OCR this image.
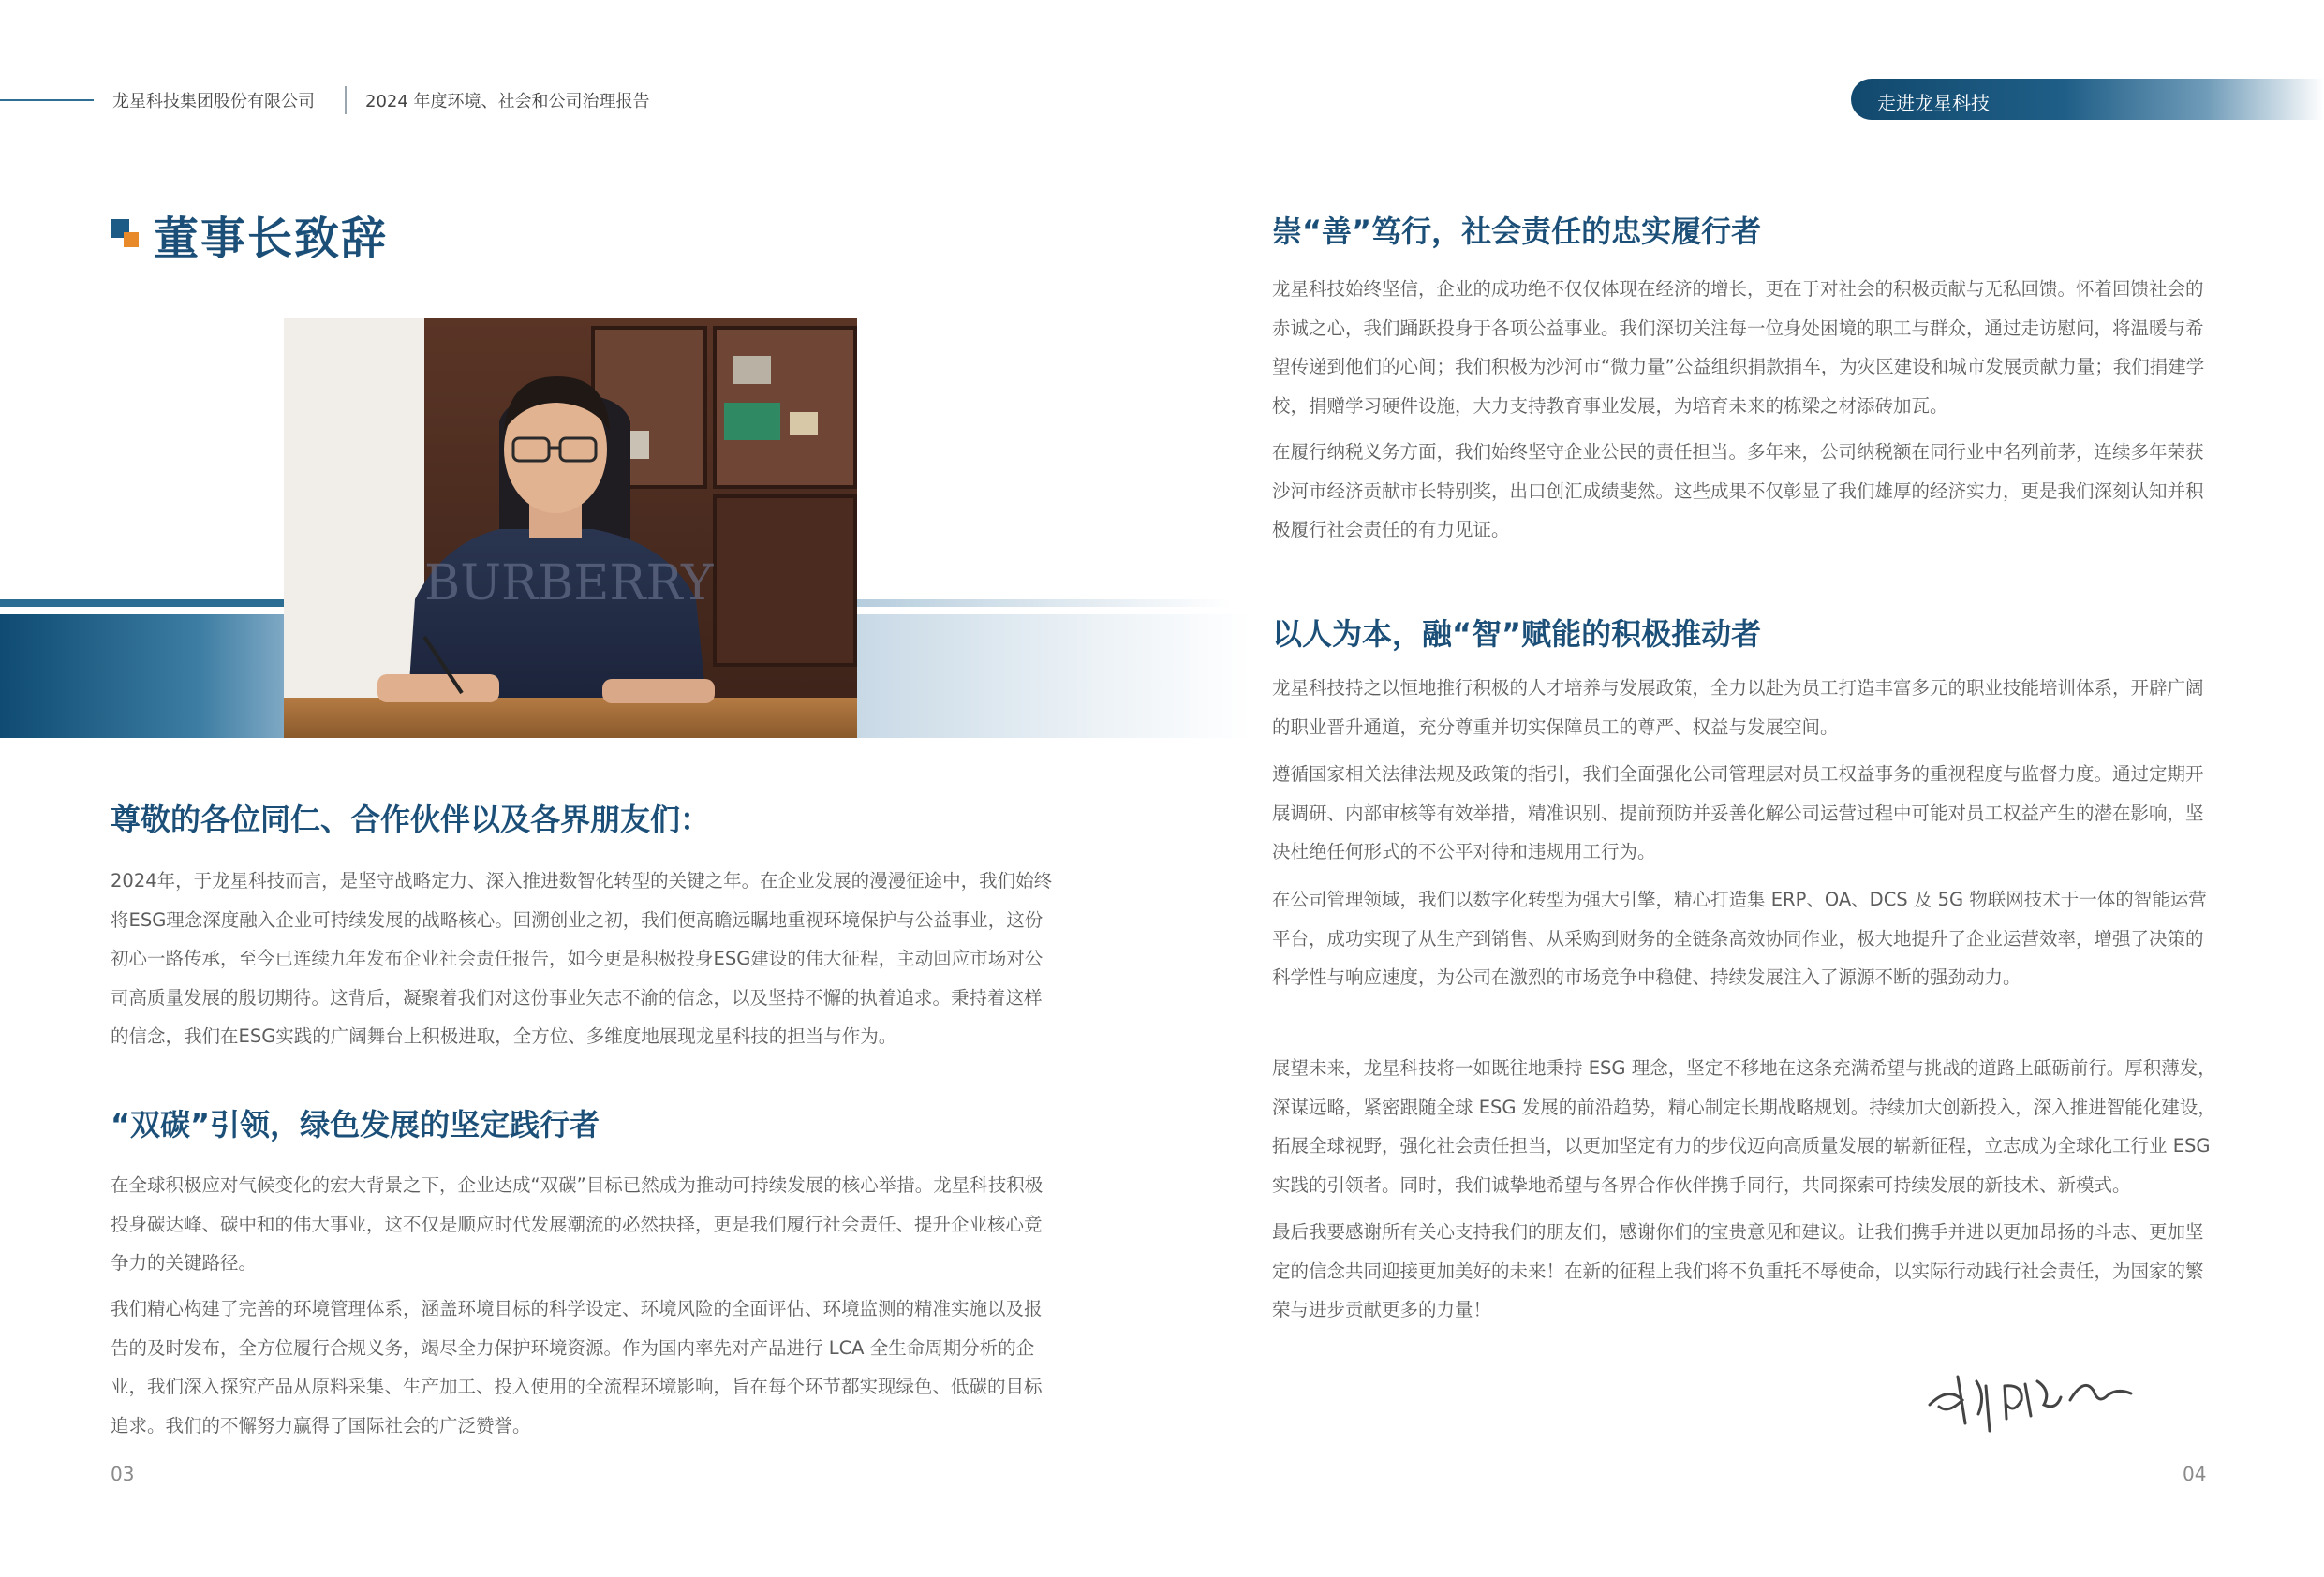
龙星科技集团股份有限公司	2024 年度环境、社会和公司治理报告	走进龙星科技
董事长致辞
BURBERRY
尊敬的各位同仁、合作伙伴以及各界朋友们：

2024年，于龙星科技而言，是坚守战略定力、深入推进数智化转型的关键之年。在企业发展的漫漫征途中，我们始终将ESG理念深度融入企业可持续发展的战略核心。回溯创业之初，我们便高瞻远瞩地重视环境保护与公益事业，这份初心一路传承，至今已连续九年发布企业社会责任报告，如今更是积极投身ESG建设的伟大征程，主动回应市场对公司高质量发展的殷切期待。这背后，凝聚着我们对这份事业矢志不渝的信念，以及坚持不懈的执着追求。秉持着这样的信念，我们在ESG实践的广阔舞台上积极进取，全方位、多维度地展现龙星科技的担当与作为。

“双碳”引领，绿色发展的坚定践行者

在全球积极应对气候变化的宏大背景之下，企业达成“双碳”目标已然成为推动可持续发展的核心举措。龙星科技积极投身碳达峰、碳中和的伟大事业，这不仅是顺应时代发展潮流的必然抉择，更是我们履行社会责任、提升企业核心竞争力的关键路径。

我们精心构建了完善的环境管理体系，涵盖环境目标的科学设定、环境风险的全面评估、环境监测的精准实施以及报告的及时发布，全方位履行合规义务，竭尽全力保护环境资源。作为国内率先对产品进行 LCA 全生命周期分析的企业，我们深入探究产品从原料采集、生产加工、投入使用的全流程环境影响，旨在每个环节都实现绿色、低碳的目标追求。我们的不懈努力赢得了国际社会的广泛赞誉。

崇“善”笃行，社会责任的忠实履行者

龙星科技始终坚信，企业的成功绝不仅仅体现在经济的增长，更在于对社会的积极贡献与无私回馈。怀着回馈社会的赤诚之心，我们踊跃投身于各项公益事业。我们深切关注每一位身处困境的职工与群众，通过走访慰问，将温暖与希望传递到他们的心间；我们积极为沙河市“微力量”公益组织捐款捐车，为灾区建设和城市发展贡献力量；我们捐建学校，捐赠学习硬件设施，大力支持教育事业发展，为培育未来的栋梁之材添砖加瓦。

在履行纳税义务方面，我们始终坚守企业公民的责任担当。多年来，公司纳税额在同行业中名列前茅，连续多年荣获沙河市经济贡献市长特别奖，出口创汇成绩斐然。这些成果不仅彰显了我们雄厚的经济实力，更是我们深刻认知并积极履行社会责任的有力见证。

以人为本，融“智”赋能的积极推动者

龙星科技持之以恒地推行积极的人才培养与发展政策，全力以赴为员工打造丰富多元的职业技能培训体系，开辟广阔的职业晋升通道，充分尊重并切实保障员工的尊严、权益与发展空间。

遵循国家相关法律法规及政策的指引，我们全面强化公司管理层对员工权益事务的重视程度与监督力度。通过定期开展调研、内部审核等有效举措，精准识别、提前预防并妥善化解公司运营过程中可能对员工权益产生的潜在影响，坚决杜绝任何形式的不公平对待和违规用工行为。

在公司管理领域，我们以数字化转型为强大引擎，精心打造集 ERP、OA、DCS 及 5G 物联网技术于一体的智能运营平台，成功实现了从生产到销售、从采购到财务的全链条高效协同作业，极大地提升了企业运营效率，增强了决策的科学性与响应速度，为公司在激烈的市场竞争中稳健、持续发展注入了源源不断的强劲动力。

展望未来，龙星科技将一如既往地秉持 ESG 理念，坚定不移地在这条充满希望与挑战的道路上砥砺前行。厚积薄发，深谋远略，紧密跟随全球 ESG 发展的前沿趋势，精心制定长期战略规划。持续加大创新投入，深入推进智能化建设，拓展全球视野，强化社会责任担当，以更加坚定有力的步伐迈向高质量发展的崭新征程，立志成为全球化工行业 ESG 实践的引领者。同时，我们诚挚地希望与各界合作伙伴携手同行，共同探索可持续发展的新技术、新模式。

最后我要感谢所有关心支持我们的朋友们，感谢你们的宝贵意见和建议。让我们携手并进以更加昂扬的斗志、更加坚定的信念共同迎接更加美好的未来！在新的征程上我们将不负重托不辱使命，以实际行动践行社会责任，为国家的繁荣与进步贡献更多的力量！

03	04
